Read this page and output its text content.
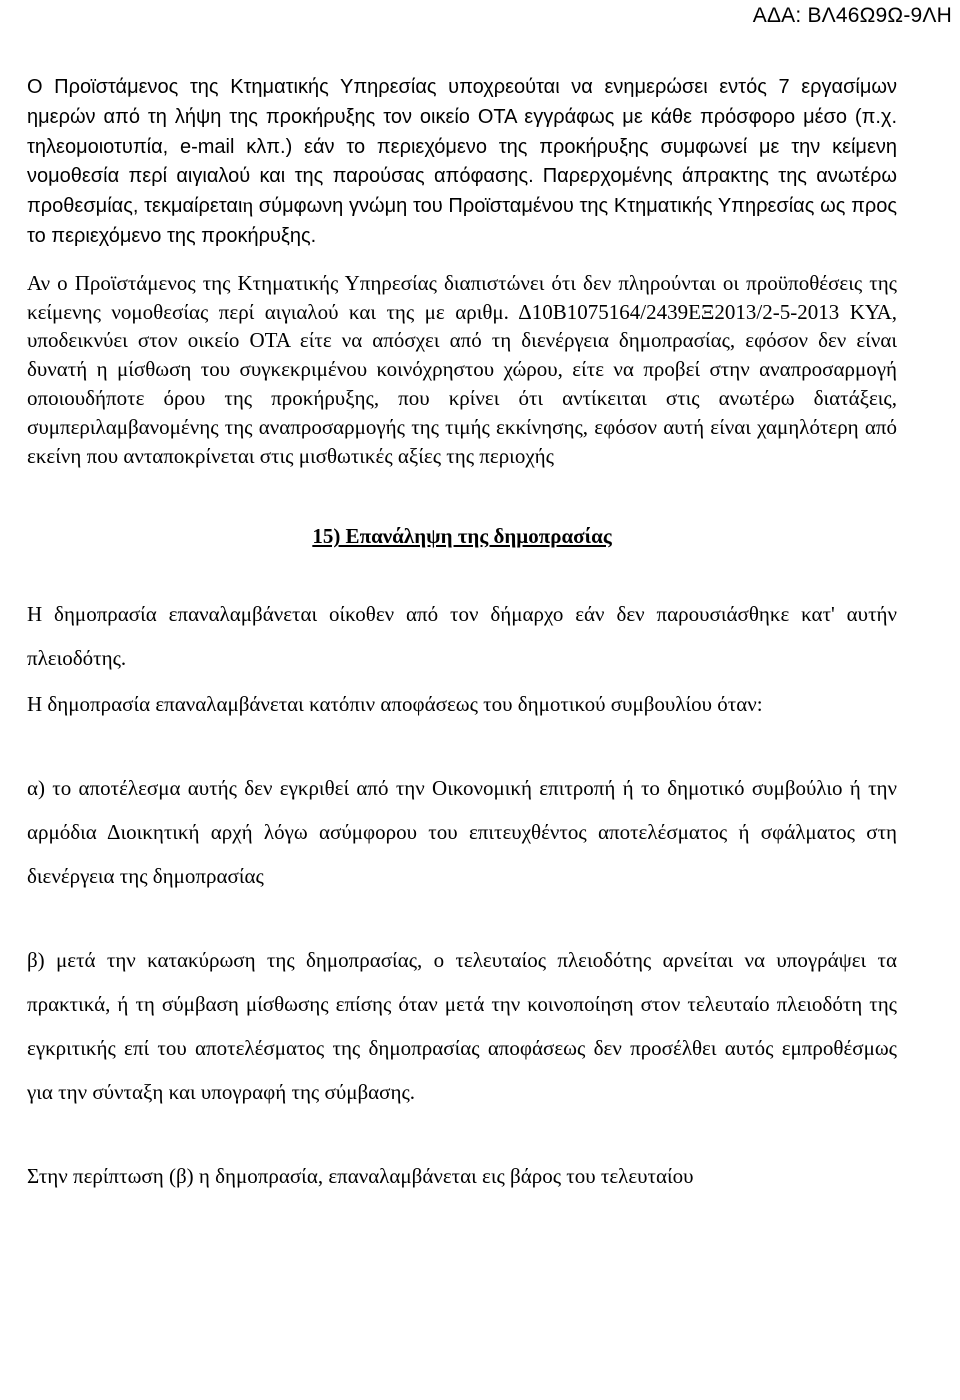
ΑΔΑ: ΒΛ46Ω9Ω-9ΛΗ

Ο Προϊστάμενος της Κτηματικής Υπηρεσίας υποχρεούται να ενημερώσει εντός 7 εργασίμων ημερών από τη λήψη της προκήρυξης τον οικείο ΟΤΑ εγγράφως με κάθε πρόσφορο μέσο (π.χ. τηλεομοιοτυπία, e-mail κλπ.) εάν το περιεχόμενο της προκήρυξης συμφωνεί με την κείμενη νομοθεσία περί αιγιαλού και της παρούσας απόφασης. Παρερχομένης άπρακτης της ανωτέρω προθεσμίας, τεκμαίρεταιη σύμφωνη γνώμη του Προϊσταμένου της Κτηματικής Υπηρεσίας ως προς το περιεχόμενο της προκήρυξης.

Αν ο Προϊστάμενος της Κτηματικής Υπηρεσίας διαπιστώνει ότι δεν πληρούνται οι προϋποθέσεις της κείμενης νομοθεσίας περί αιγιαλού και της με αριθμ. Δ10Β1075164/2439ΕΞ2013/2-5-2013 ΚΥΑ, υποδεικνύει στον οικείο ΟΤΑ είτε να απόσχει από τη διενέργεια δημοπρασίας, εφόσον δεν είναι δυνατή η μίσθωση του συγκεκριμένου κοινόχρηστου χώρου, είτε να προβεί στην αναπροσαρμογή οποιουδήποτε όρου της προκήρυξης, που κρίνει ότι αντίκειται στις ανωτέρω διατάξεις, συμπεριλαμβανομένης της αναπροσαρμογής της τιμής εκκίνησης, εφόσον αυτή είναι χαμηλότερη από εκείνη που ανταποκρίνεται στις μισθωτικές αξίες της περιοχής

15) Επανάληψη της δημοπρασίας

Η δημοπρασία επαναλαμβάνεται οίκοθεν από τον δήμαρχο εάν δεν παρουσιάσθηκε κατ' αυτήν πλειοδότης.

Η δημοπρασία επαναλαμβάνεται κατόπιν αποφάσεως του δημοτικού συμβουλίου όταν:

α) το αποτέλεσμα αυτής δεν εγκριθεί από την Οικονομική επιτροπή ή το δημοτικό συμβούλιο ή την αρμόδια Διοικητική αρχή λόγω ασύμφορου του επιτευχθέντος αποτελέσματος ή σφάλματος στη διενέργεια της δημοπρασίας

β) μετά την κατακύρωση της δημοπρασίας, ο τελευταίος πλειοδότης αρνείται να υπογράψει τα πρακτικά, ή τη σύμβαση μίσθωσης επίσης όταν μετά την κοινοποίηση στον τελευταίο πλειοδότη της εγκριτικής επί του αποτελέσματος της δημοπρασίας αποφάσεως δεν προσέλθει αυτός εμπροθέσμως για την σύνταξη και υπογραφή της σύμβασης.

Στην περίπτωση (β) η δημοπρασία, επαναλαμβάνεται εις βάρος του τελευταίου
